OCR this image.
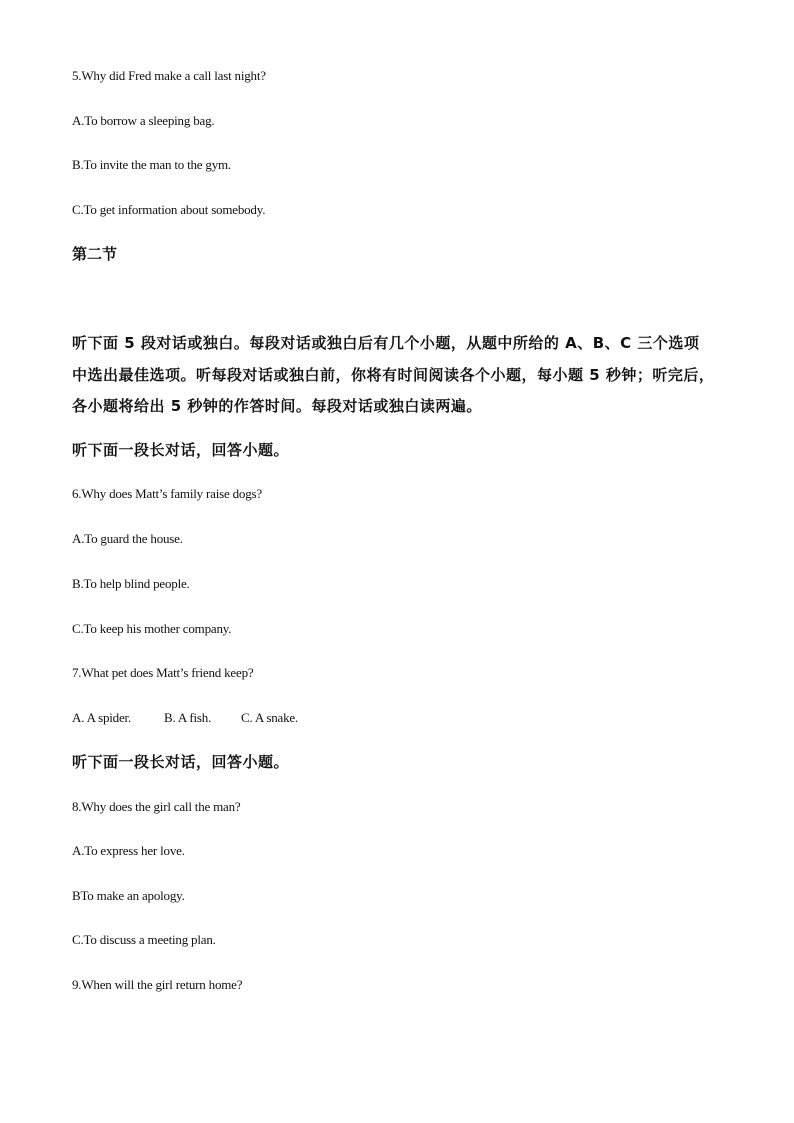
5.Why did Fred make a call last night?
A.To borrow a sleeping bag.
B.To invite the man to the gym.
C.To get information about somebody.
第二节
听下面 5 段对话或独白。每段对话或独白后有几个小题，从题中所给的 A、B、C 三个选项
中选出最佳选项。听每段对话或独白前，你将有时间阅读各个小题，每小题 5 秒钟；听完后，
各小题将给出 5 秒钟的作答时间。每段对话或独白读两遍。
听下面一段长对话，回答小题。
6.Why does Matt’s family raise dogs?
A.To guard the house.
B.To help blind people.
C.To keep his mother company.
7.What pet does Matt’s friend keep?
A. A spider.	B. A fish. C. A snake.
听下面一段长对话，回答小题。
8.Why does the girl call the man?
A.To express her love.
BTo make an apology.
C.To discuss a meeting plan.
9.When will the girl return home?
